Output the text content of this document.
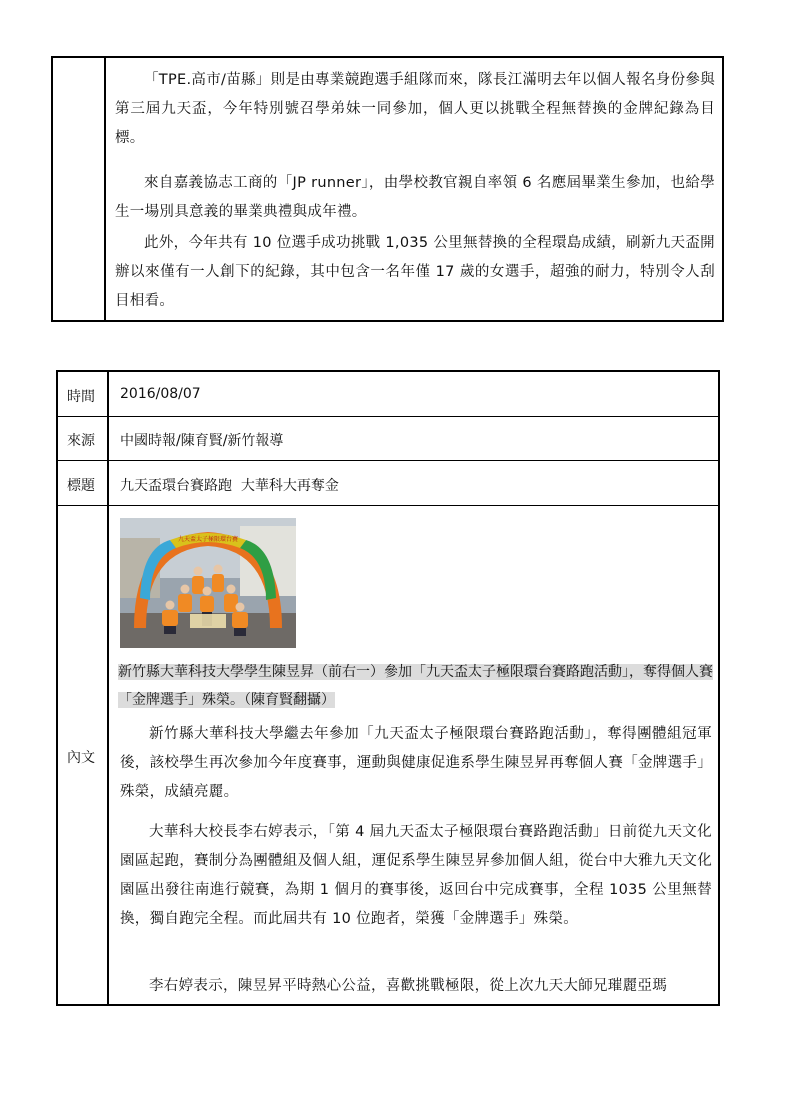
「TPE.高市/苗縣」則是由專業競跑選手組隊而來，隊長江滿明去年以個人報名身份參與第三屆九天盃，今年特別號召學弟妹一同參加，個人更以挑戰全程無替換的金牌紀錄為目標。

來自嘉義協志工商的「JP runner」，由學校教官親自率領 6 名應屆畢業生參加，也給學生一場別具意義的畢業典禮與成年禮。

此外，今年共有 10 位選手成功挑戰 1,035 公里無替換的全程環島成績，刷新九天盃開辦以來僅有一人創下的紀錄，其中包含一名年僅 17 歲的女選手，超強的耐力，特別令人刮目相看。

時間 2016/08/07
來源 中國時報/陳育賢/新竹報導
標題 九天盃環台賽路跑  大華科大再奪金
內文
九天盃太子極限環台賽

新竹縣大華科技大學學生陳昱昇（前右一）參加「九天盃太子極限環台賽路跑活動」，奪得個人賽「金牌選手」殊榮。（陳育賢翻攝）

新竹縣大華科技大學繼去年參加「九天盃太子極限環台賽路跑活動」，奪得團體組冠軍後，該校學生再次參加今年度賽事，運動與健康促進系學生陳昱昇再奪個人賽「金牌選手」殊榮，成績亮麗。

大華科大校長李右婷表示，「第 4 屆九天盃太子極限環台賽路跑活動」日前從九天文化園區起跑，賽制分為團體組及個人組，運促系學生陳昱昇參加個人組，從台中大雅九天文化園區出發往南進行競賽，為期 1 個月的賽事後，返回台中完成賽事，全程 1035 公里無替換，獨自跑完全程。而此屆共有 10 位跑者，榮獲「金牌選手」殊榮。

李右婷表示，陳昱昇平時熱心公益，喜歡挑戰極限，從上次九天大師兄璀麗亞瑪
